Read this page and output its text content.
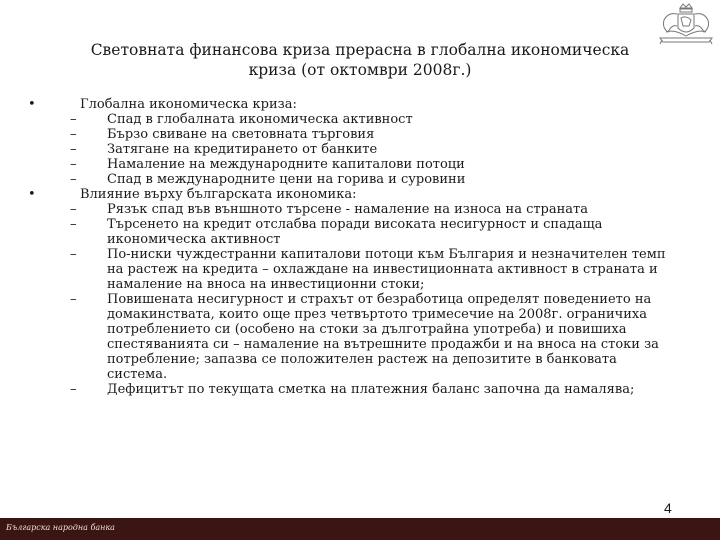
Световната финансова криза прерасна в глобална икономическа
криза (от октомври 2008г.)
•	Глобална икономическа криза:
– Спад в глобалната икономическа активност
– Бързо свиване на световната търговия
– Затягане на кредитирането от банките
– Намаление на международните капиталови потоци
– Спад в международните цени на горива и суровини
•	Влияние върху българската икономика:
– Рязък спад във външното търсене - намаление на износа на страната
– Търсенето на кредит отслабва поради високата несигурност и спадаща икономическа активност
– По-ниски чуждестранни капиталови потоци към България и незначителен темп на растеж на кредита – охлаждане на инвестиционната активност в страната и намаление на вноса на инвестиционни стоки;
– Повишената несигурност и страхът от безработица определят поведението на домакинствата, които още през четвъртото тримесечие на 2008г. ограничиха потреблението си (особено на стоки за дълготрайна употреба) и повишиха спестяванията си – намаление на вътрешните продажби и на вноса на стоки за потребление; запазва се положителен растеж на депозитите в банковата система.
– Дефицитът по текущата сметка на платежния баланс започна да намалява;
4
Българска народна банка
